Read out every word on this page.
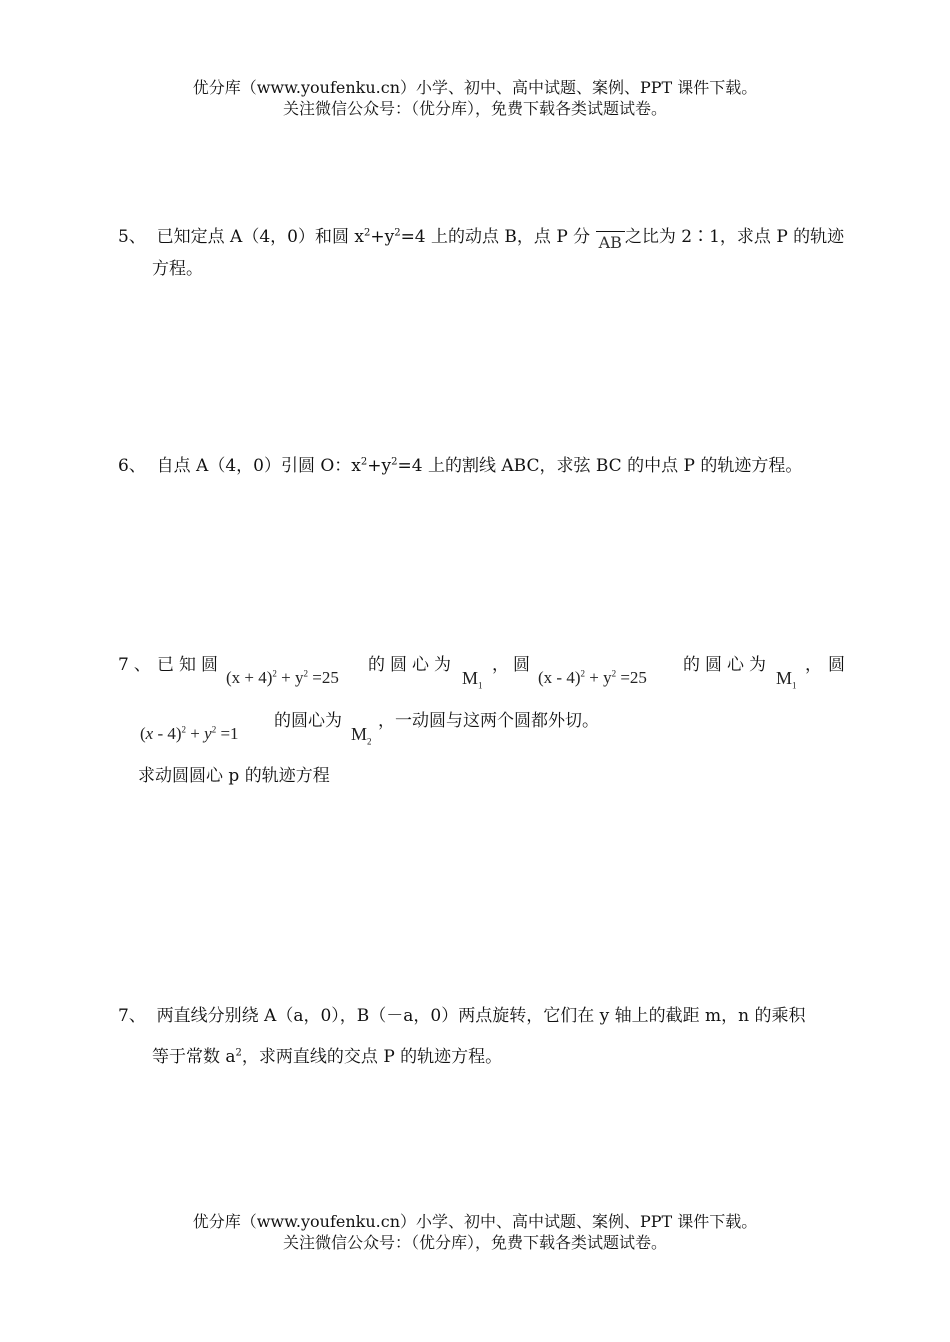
优分库（www.youfenku.cn）小学、初中、高中试题、案例、PPT 课件下载。
关注微信公众号：（优分库），免费下载各类试题试卷。
5、 已知定点 A（4，0）和圆 $x^2+y^2=4$ 上的动点 B，点 P 分 AB 之比为 2∶1，求点 P 的轨迹
方程。
6、 自点 A（4，0）引圆 O：$x^2+y^2=4$ 上的割线 ABC，求弦 BC 的中点 P 的轨迹方程。
7、 已知圆
$(x + 4)^2 + y^2 =25$
的圆心为
$M_1$
， 圆
$(x - 4)^2 + y^2 =25$
的圆心为
$M_1$
， 圆
$(x - 4)^2 + y^2 =1$
的圆心为
$M_2$
，一动圆与这两个圆都外切。
求动圆圆心 p 的轨迹方程
7、 两直线分别绕 A（a，0），B（－a，0）两点旋转，它们在 y 轴上的截距 m，n 的乘积
等于常数 $a^2$，求两直线的交点 P 的轨迹方程。
优分库（www.youfenku.cn）小学、初中、高中试题、案例、PPT 课件下载。
关注微信公众号：（优分库），免费下载各类试题试卷。
